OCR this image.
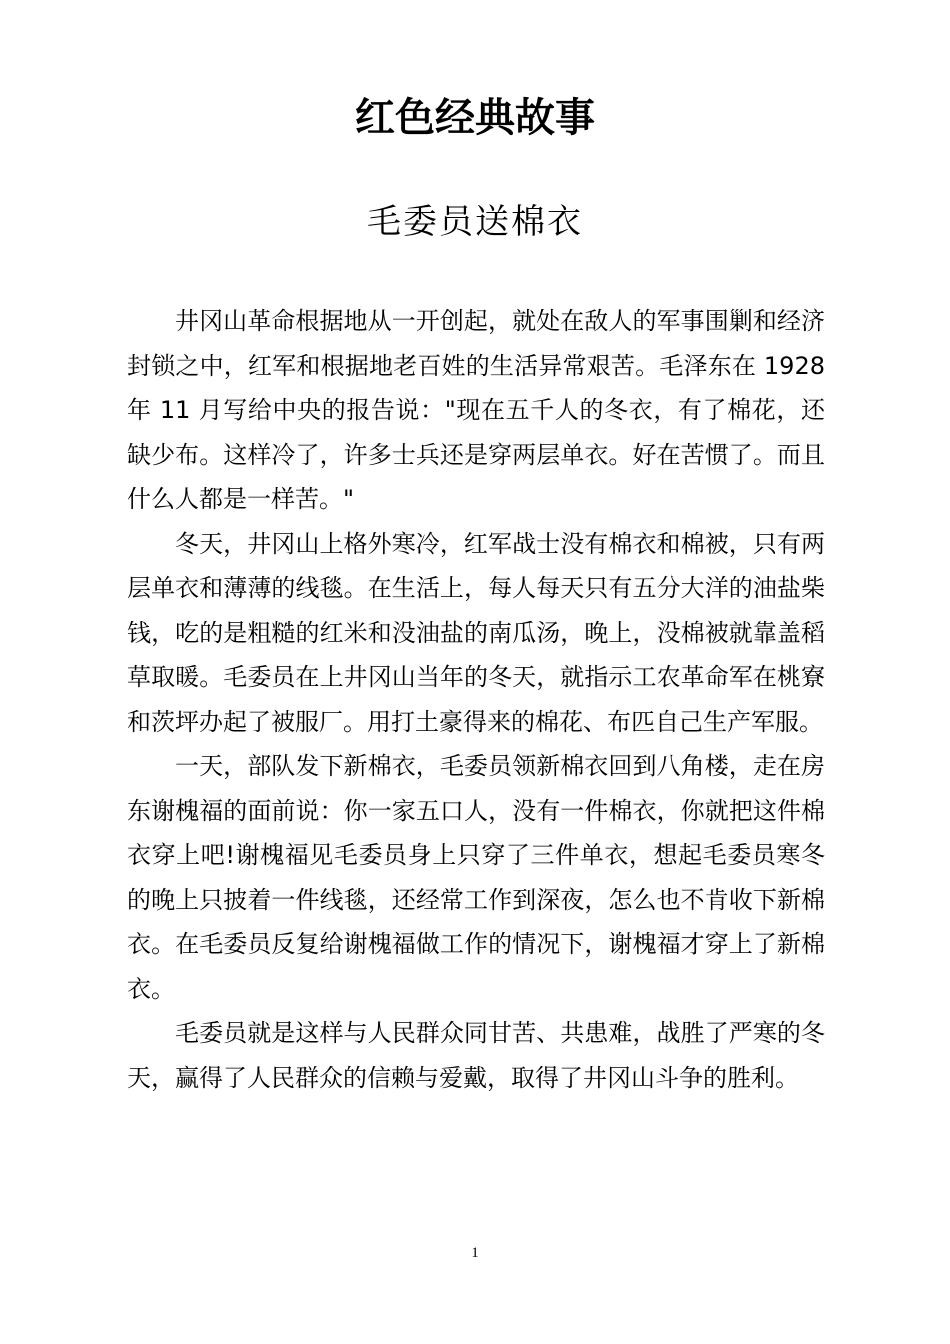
红色经典故事
毛委员送棉衣

井冈山革命根据地从一开创起，就处在敌人的军事围剿和经济封锁之中，红军和根据地老百姓的生活异常艰苦。毛泽东在 1928 年 11 月写给中央的报告说："现在五千人的冬衣，有了棉花，还缺少布。这样冷了，许多士兵还是穿两层单衣。好在苦惯了。而且什么人都是一样苦。"

冬天，井冈山上格外寒冷，红军战士没有棉衣和棉被，只有两层单衣和薄薄的线毯。在生活上，每人每天只有五分大洋的油盐柴钱，吃的是粗糙的红米和没油盐的南瓜汤，晚上，没棉被就靠盖稻草取暖。毛委员在上井冈山当年的冬天，就指示工农革命军在桃寮和茨坪办起了被服厂。用打土豪得来的棉花、布匹自己生产军服。

一天，部队发下新棉衣，毛委员领新棉衣回到八角楼，走在房东谢槐福的面前说：你一家五口人，没有一件棉衣，你就把这件棉衣穿上吧!谢槐福见毛委员身上只穿了三件单衣，想起毛委员寒冬的晚上只披着一件线毯，还经常工作到深夜，怎么也不肯收下新棉衣。在毛委员反复给谢槐福做工作的情况下，谢槐福才穿上了新棉衣。

毛委员就是这样与人民群众同甘苦、共患难，战胜了严寒的冬天，赢得了人民群众的信赖与爱戴，取得了井冈山斗争的胜利。

1
